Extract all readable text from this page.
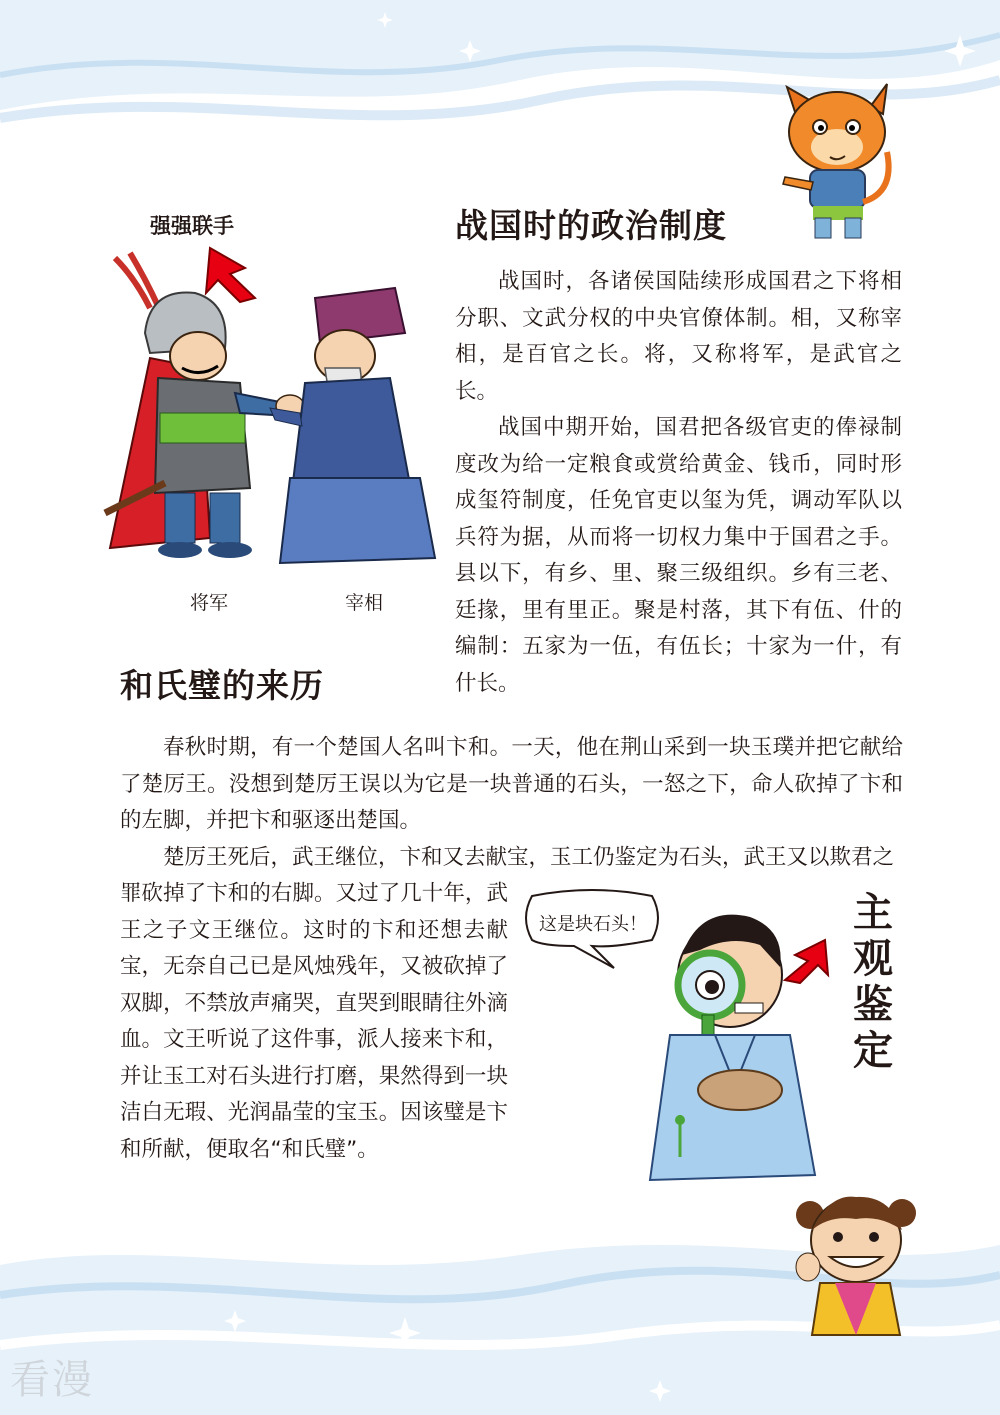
强强联手
将军	宰相
战国时的政治制度

战国时，各诸侯国陆续形成国君之下将相分职、文武分权的中央官僚体制。相，又称宰相，是百官之长。将，又称将军，是武官之长。

战国中期开始，国君把各级官吏的俸禄制度改为给一定粮食或赏给黄金、钱币，同时形成玺符制度，任免官吏以玺为凭，调动军队以兵符为据，从而将一切权力集中于国君之手。县以下，有乡、里、聚三级组织。乡有三老、廷掾，里有里正。聚是村落，其下有伍、什的编制：五家为一伍，有伍长；十家为一什，有什长。

和氏璧的来历

春秋时期，有一个楚国人名叫卞和。一天，他在荆山采到一块玉璞并把它献给了楚厉王。没想到楚厉王误以为它是一块普通的石头，一怒之下，命人砍掉了卞和的左脚，并把卞和驱逐出楚国。

楚厉王死后，武王继位，卞和又去献宝，玉工仍鉴定为石头，武王又以欺君之

罪砍掉了卞和的右脚。又过了几十年，武王之子文王继位。这时的卞和还想去献宝，无奈自己已是风烛残年，又被砍掉了双脚，不禁放声痛哭，直哭到眼睛往外滴血。文王听说了这件事，派人接来卞和，并让玉工对石头进行打磨，果然得到一块洁白无瑕、光润晶莹的宝玉。因该璧是卞和所献，便取名“和氏璧”。

这是块石头！	主
观
鉴
定
看漫
